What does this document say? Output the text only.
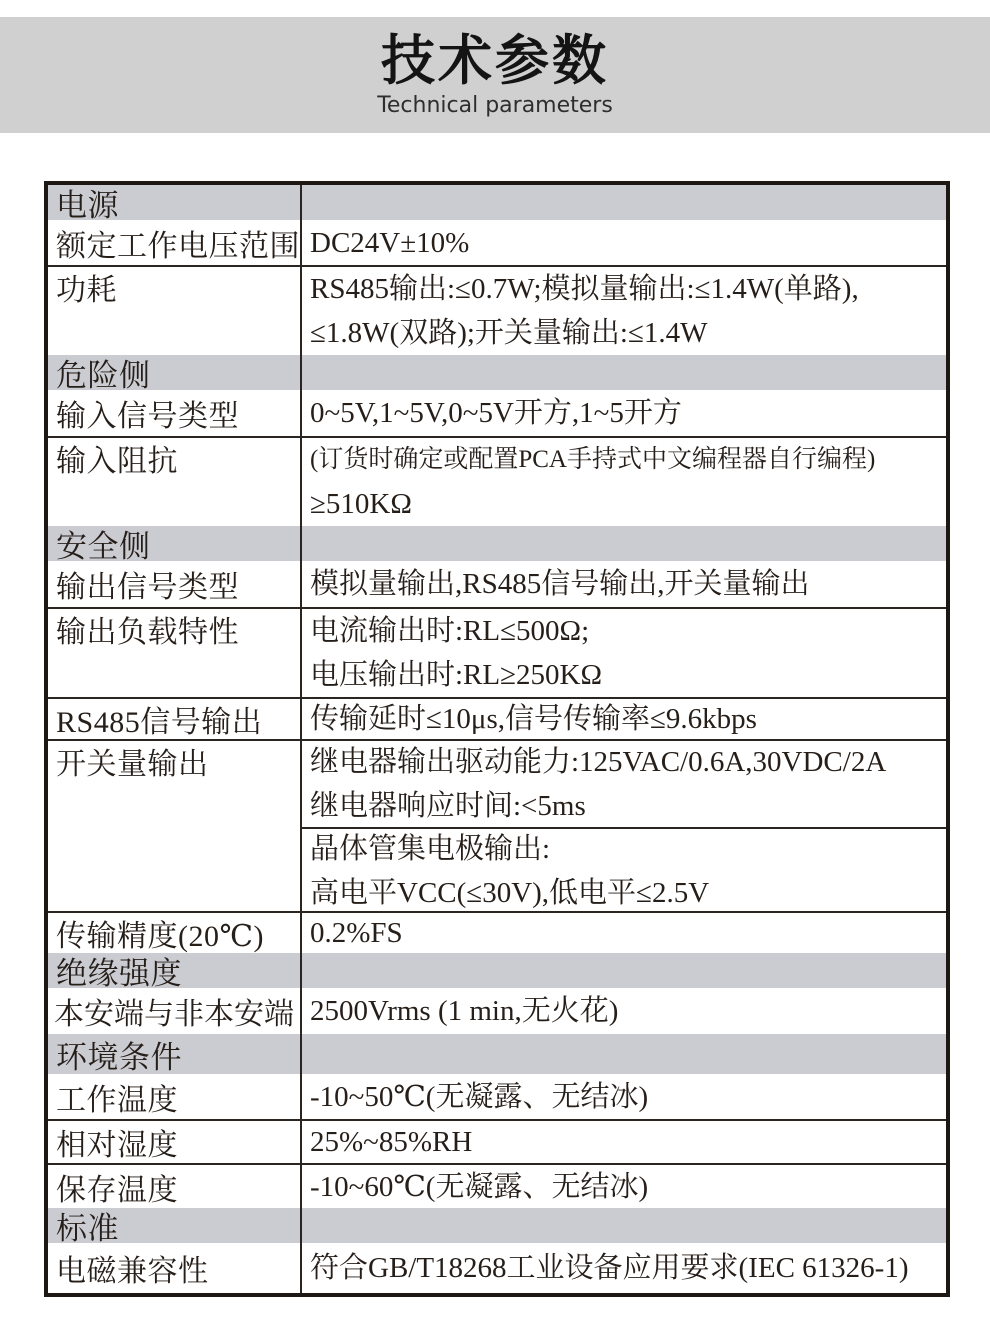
技术参数
Technical parameters
电源
额定工作电压范围 DC24V±10%
功耗	RS485输出:≤0.7W;模拟量输出:≤1.4W(单路),
≤1.8W(双路);开关量输出:≤1.4W
危险侧
输入信号类型	0~5V,1~5V,0~5V开方,1~5开方
输入阻抗	(订货时确定或配置PCA手持式中文编程器自行编程)
≥510KΩ
安全侧
输出信号类型	模拟量输出,RS485信号输出,开关量输出
输出负载特性	电流输出时:RL≤500Ω;
电压输出时:RL≥250KΩ
RS485信号输出	传输延时≤10μs,信号传输率≤9.6kbps
开关量输出	继电器输出驱动能力:125VAC/0.6A,30VDC/2A
继电器响应时间:<5ms
晶体管集电极输出:
高电平VCC(≤30V),低电平≤2.5V
传输精度(20℃)	0.2%FS
绝缘强度
本安端与非本安端 2500Vrms (1 min,无火花)
环境条件
工作温度	-10~50℃(无凝露、无结冰)
相对湿度	25%~85%RH
保存温度	-10~60℃(无凝露、无结冰)
标准
电磁兼容性	符合GB/T18268工业设备应用要求(IEC 61326-1)
